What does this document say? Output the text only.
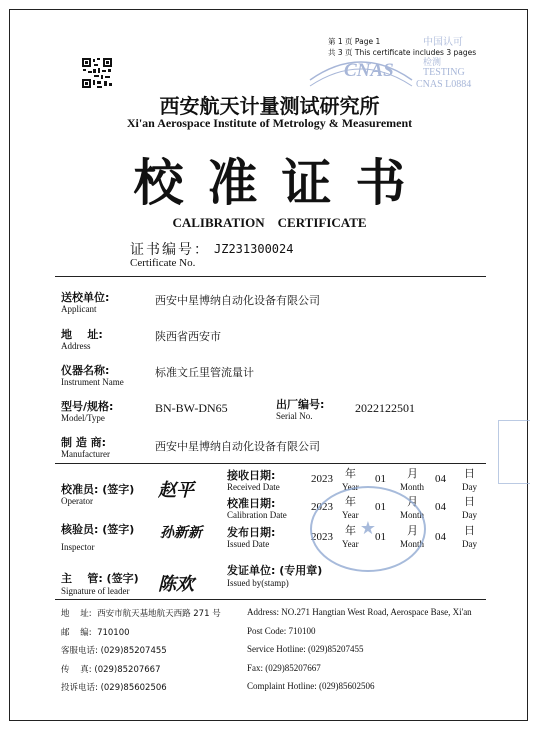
第 1 页 Page 1
共 3 页 This certificate includes 3 pages
CNAS
中国认可
检测
TESTING
CNAS L0884
西安航天计量测试研究所
Xi'an Aerospace Institute of Metrology & Measurement
校准证书
CALIBRATION    CERTIFICATE
证书编号：
Certificate No.
JZ231300024
送校单位:
Applicant
西安中星博纳自动化设备有限公司
地    址:
Address
陕西省西安市
仪器名称:
Instrument Name
标准文丘里管流量计
型号/规格:
Model/Type
BN-BW-DN65	出厂编号:
Serial No.
2022122501
制 造 商:
Manufacturer
西安中星博纳自动化设备有限公司
校准员: (签字)
Operator	赵平
核验员: (签字)
Inspector
孙新新
主    管: (签字)
Signature of leader 陈欢
接收日期:
Received Date
2023 年
Year
01 月
Month
04 日
Day
校准日期:
Calibration Date
2023 年
Year
01 月
Month
04 日
Day
发布日期:
Issued Date
2023 年
Year
01 月
Month
04 日
Day
发证单位: (专用章)
Issued by(stamp)
★
地    址:  西安市航天基地航天西路 271 号	Address: NO.271 Hangtian West Road, Aerospace Base, Xi'an
邮    编:  710100	Post Code: 710100
客服电话: (029)85207455	Service Hotline: (029)85207455
传    真: (029)85207667	Fax: (029)85207667
投诉电话: (029)85602506	Complaint Hotline: (029)85602506
